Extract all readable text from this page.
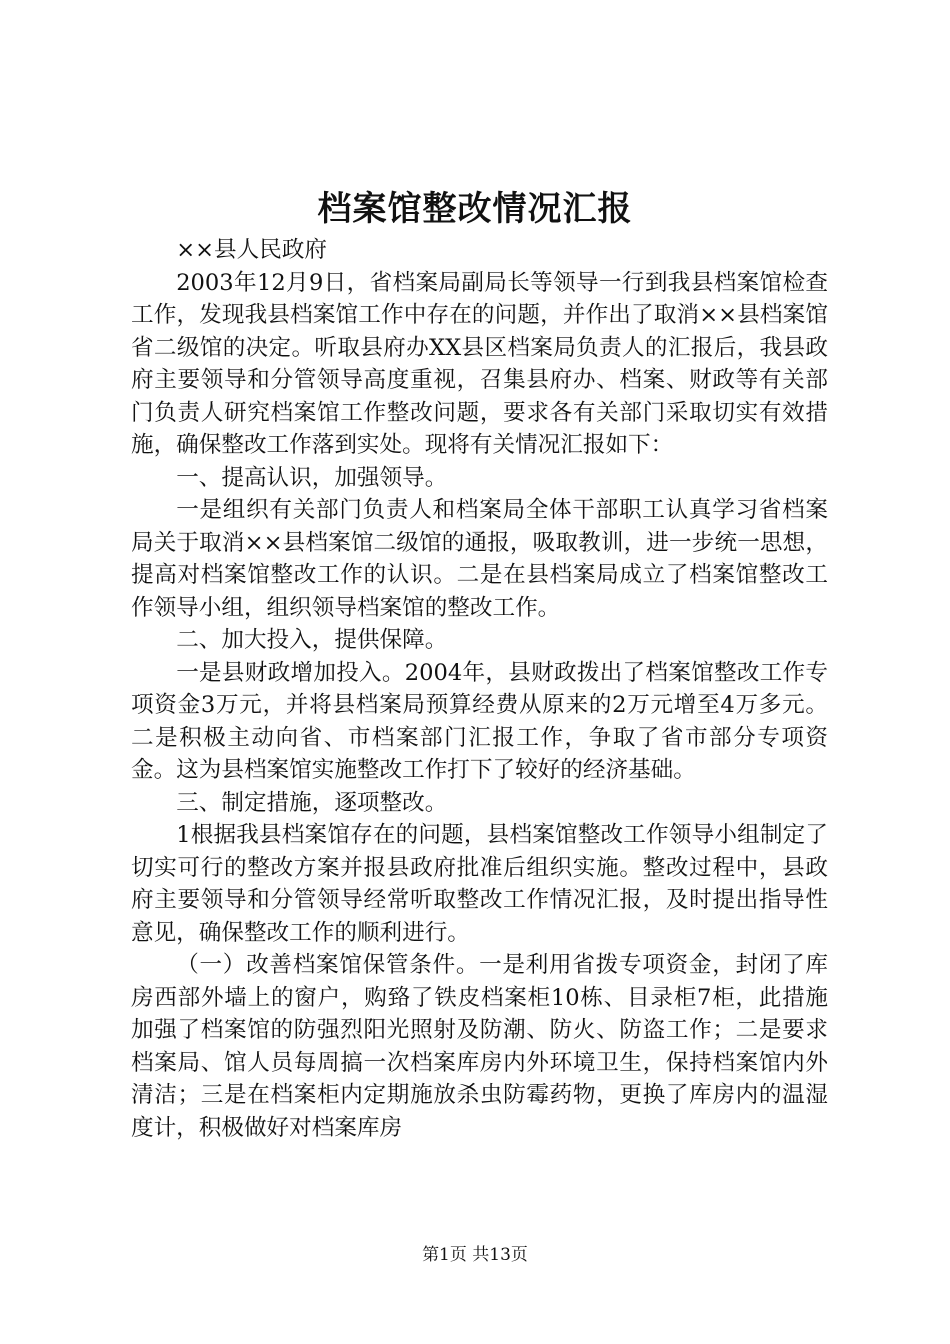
档案馆整改情况汇报

××县人民政府

2003年12月9日，省档案局副局长等领导一行到我县档案馆检查工作，发现我县档案馆工作中存在的问题，并作出了取消××县档案馆省二级馆的决定。听取县府办XX县区档案局负责人的汇报后，我县政府主要领导和分管领导高度重视，召集县府办、档案、财政等有关部门负责人研究档案馆工作整改问题，要求各有关部门采取切实有效措施，确保整改工作落到实处。现将有关情况汇报如下：

一、提高认识，加强领导。

一是组织有关部门负责人和档案局全体干部职工认真学习省档案局关于取消××县档案馆二级馆的通报，吸取教训，进一步统一思想，提高对档案馆整改工作的认识。二是在县档案局成立了档案馆整改工作领导小组，组织领导档案馆的整改工作。

二、加大投入，提供保障。

一是县财政增加投入。2004年，县财政拨出了档案馆整改工作专项资金3万元，并将县档案局预算经费从原来的2万元增至4万多元。二是积极主动向省、市档案部门汇报工作，争取了省市部分专项资金。这为县档案馆实施整改工作打下了较好的经济基础。

三、制定措施，逐项整改。

1根据我县档案馆存在的问题，县档案馆整改工作领导小组制定了切实可行的整改方案并报县政府批准后组织实施。整改过程中，县政府主要领导和分管领导经常听取整改工作情况汇报，及时提出指导性意见，确保整改工作的顺利进行。

（一）改善档案馆保管条件。一是利用省拨专项资金，封闭了库房西部外墙上的窗户，购臵了铁皮档案柜10栋、目录柜7柜，此措施加强了档案馆的防强烈阳光照射及防潮、防火、防盗工作；二是要求档案局、馆人员每周搞一次档案库房内外环境卫生，保持档案馆内外清洁；三是在档案柜内定期施放杀虫防霉药物，更换了库房内的温湿度计，积极做好对档案库房

第1页 共13页
